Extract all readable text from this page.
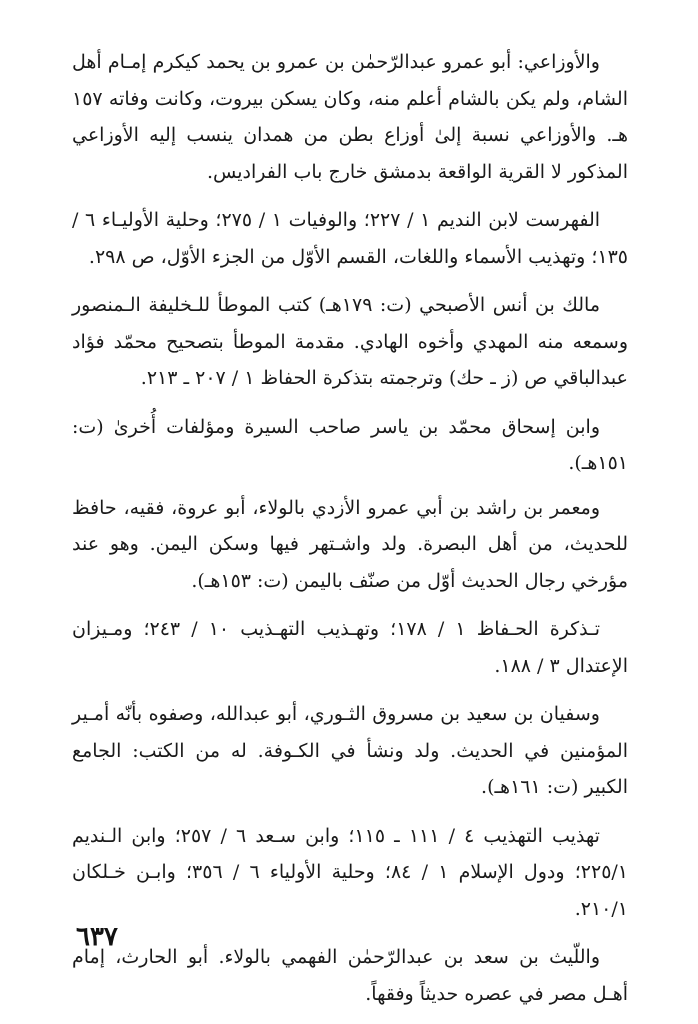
والأوزاعي: أبو عمرو عبدالرّحمٰن بن عمرو بن يحمد كيكرم إمـام أهل الشام، ولم يكن بالشام أعلم منه، وكان يسكن بيروت، وكانت وفاته ١٥٧ هـ. والأوزاعي نسبة إلىٰ أوزاع بطن من همدان ينسب إليه الأوزاعي المذكور لا القرية الواقعة بدمشق خارج باب الفراديس.

الفهرست لابن النديم ١ / ٢٢٧؛ والوفيات ١ / ٢٧٥؛ وحلية الأوليـاء ٦ / ١٣٥؛ وتهذيب الأسماء واللغات، القسم الأوّل من الجزء الأوّل، ص ٢٩٨.

مالك بن أنس الأصبحي (ت: ١٧٩هـ) كتب الموطأ للـخليفة الـمنصور وسمعه منه المهدي وأخوه الهادي. مقدمة الموطأ بتصحيح محمّد فؤاد عبدالباقي ص (ز ـ حك) وترجمته بتذكرة الحفاظ ١ / ٢٠٧ ـ ٢١٣.

وابن إسحاق محمّد بن ياسر صاحب السيرة ومؤلفات أُخرىٰ (ت: ١٥١هـ).

ومعمر بن راشد بن أبي عمرو الأزدي بالولاء، أبو عروة، فقيه، حافظ للحديث، من أهل البصرة. ولد واشـتهر فيها وسكن اليمن. وهو عند مؤرخي رجال الحديث أوّل من صنّف باليمن (ت: ١٥٣هـ).

تـذكرة الحـفاظ ١ / ١٧٨؛ وتهـذيب التهـذيب ١٠ / ٢٤٣؛ ومـيزان الإعتدال ٣ / ١٨٨.

وسفيان بن سعيد بن مسروق الثـوري، أبو عبدالله، وصفوه بأنّه أمـير المؤمنين في الحديث. ولد ونشأ في الكـوفة. له من الكتب: الجامع الكبير (ت: ١٦١هـ).

تهذيب التهذيب ٤ / ١١١ ـ ١١٥؛ وابن سـعد ٦ / ٢٥٧؛ وابن الـنديم ٢٢٥/١؛ ودول الإسلام ١ / ٨٤؛ وحلية الأولياء ٦ / ٣٥٦؛ وابـن خـلكان ٢١٠/١.

واللّيث بن سعد بن عبدالرّحمٰن الفهمي بالولاء. أبو الحارث، إمام أهـل مصر في عصره حديثاً وفقهاً.

٦٣٧
